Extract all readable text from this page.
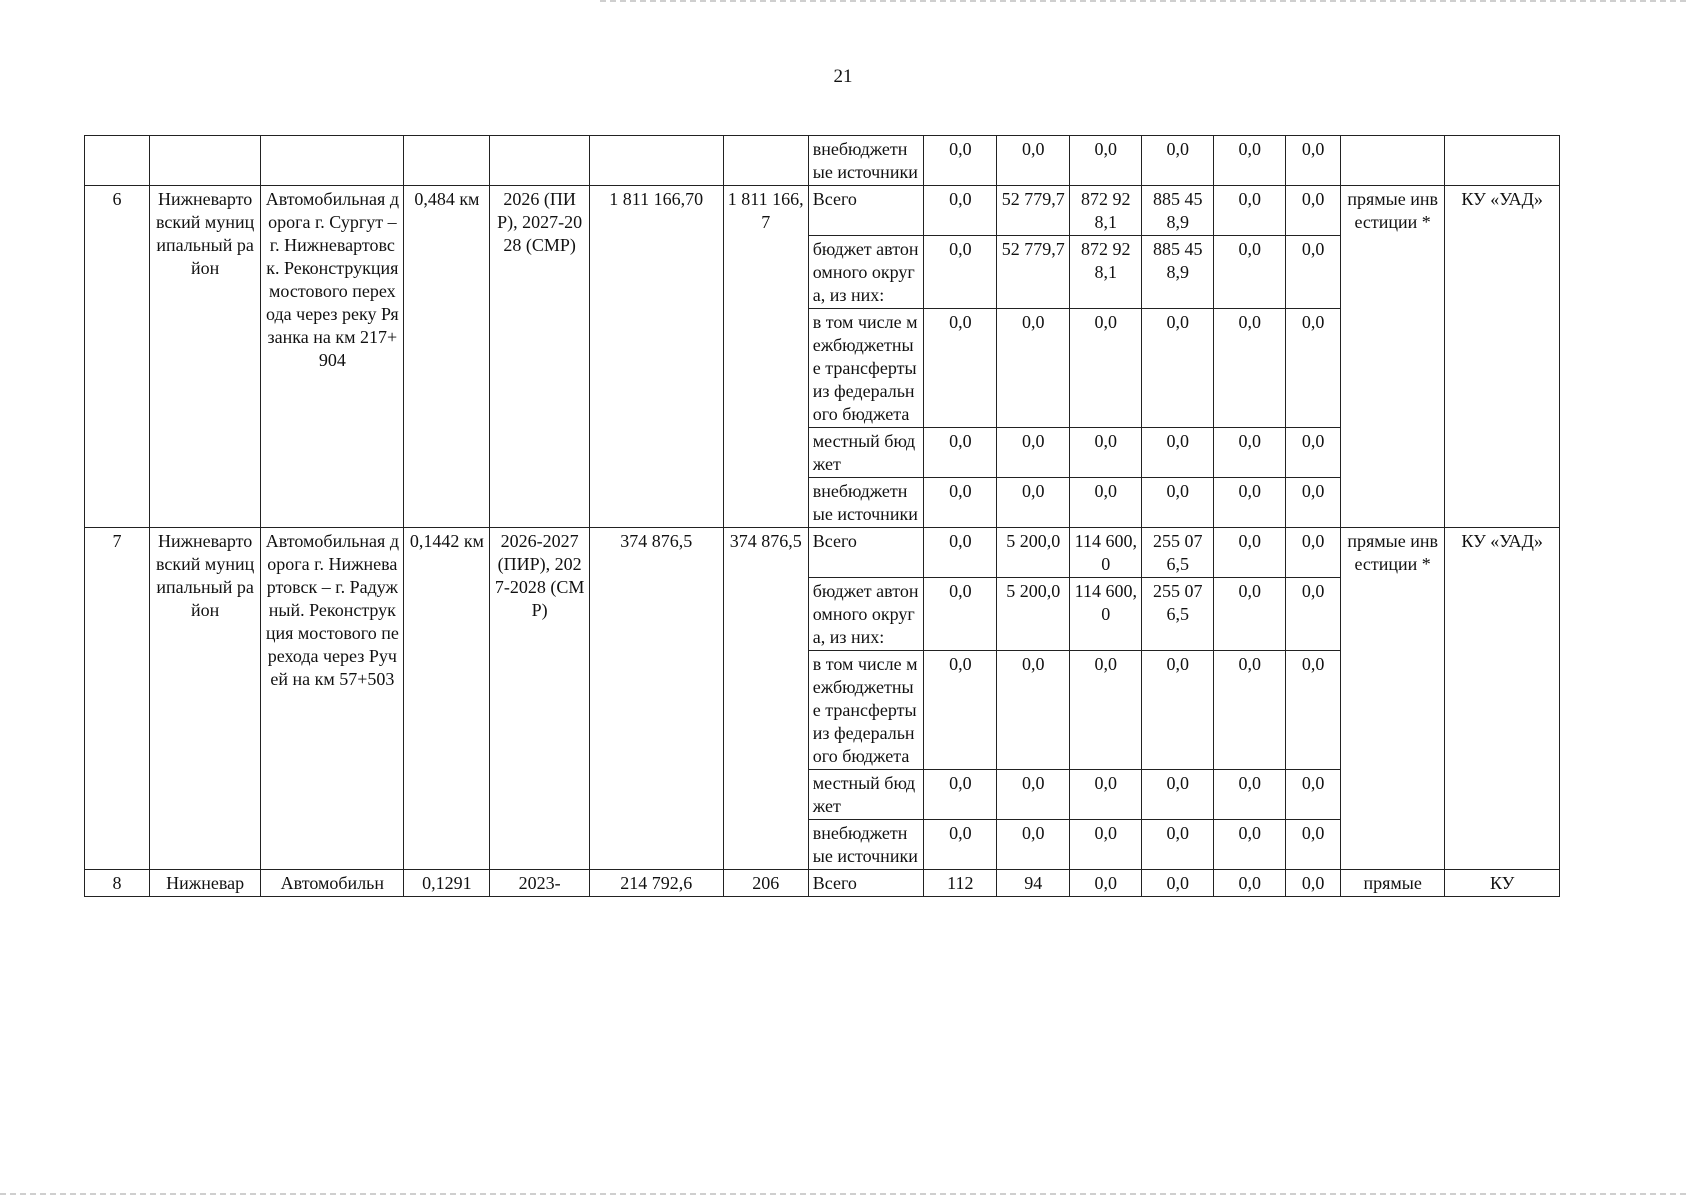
21
							внебюджетные источники	0,0	0,0	0,0	0,0	0,0	0,0		
6	Нижневартовский муниципальный район	Автомобильная дорога г. Сургут – г. Нижневартовск. Реконструкция мостового перехода через реку Рязанка на км 217+904	0,484 км	2026 (ПИР), 2027-2028 (СМР)	1 811 166,70	1 811 166,7	Всего	0,0	52 779,7	872 928,1	885 458,9	0,0	0,0	прямые инвестиции *	КУ «УАД»
							бюджет автономного округа, из них:	0,0	52 779,7	872 928,1	885 458,9	0,0	0,0		
							в том числе межбюджетные трансферты из федерального бюджета	0,0	0,0	0,0	0,0	0,0	0,0		
							местный бюджет	0,0	0,0	0,0	0,0	0,0	0,0		
							внебюджетные источники	0,0	0,0	0,0	0,0	0,0	0,0		
7	Нижневартовский муниципальный район	Автомобильная дорога г. Нижневартовск – г. Радужный. Реконструкция мостового перехода через Ручей на км 57+503	0,1442 км	2026-2027 (ПИР), 2027-2028 (СМР)	374 876,5	374 876,5	Всего	0,0	5 200,0	114 600,0	255 076,5	0,0	0,0	прямые инвестиции *	КУ «УАД»
							бюджет автономного округа, из них:	0,0	5 200,0	114 600,0	255 076,5	0,0	0,0		
							в том числе межбюджетные трансферты из федерального бюджета	0,0	0,0	0,0	0,0	0,0	0,0		
							местный бюджет	0,0	0,0	0,0	0,0	0,0	0,0		
							внебюджетные источники	0,0	0,0	0,0	0,0	0,0	0,0		
8	Нижневар	Автомобильн	0,1291	2023-	214 792,6	206	Всего	112	94	0,0	0,0	0,0	0,0	прямые	КУ
